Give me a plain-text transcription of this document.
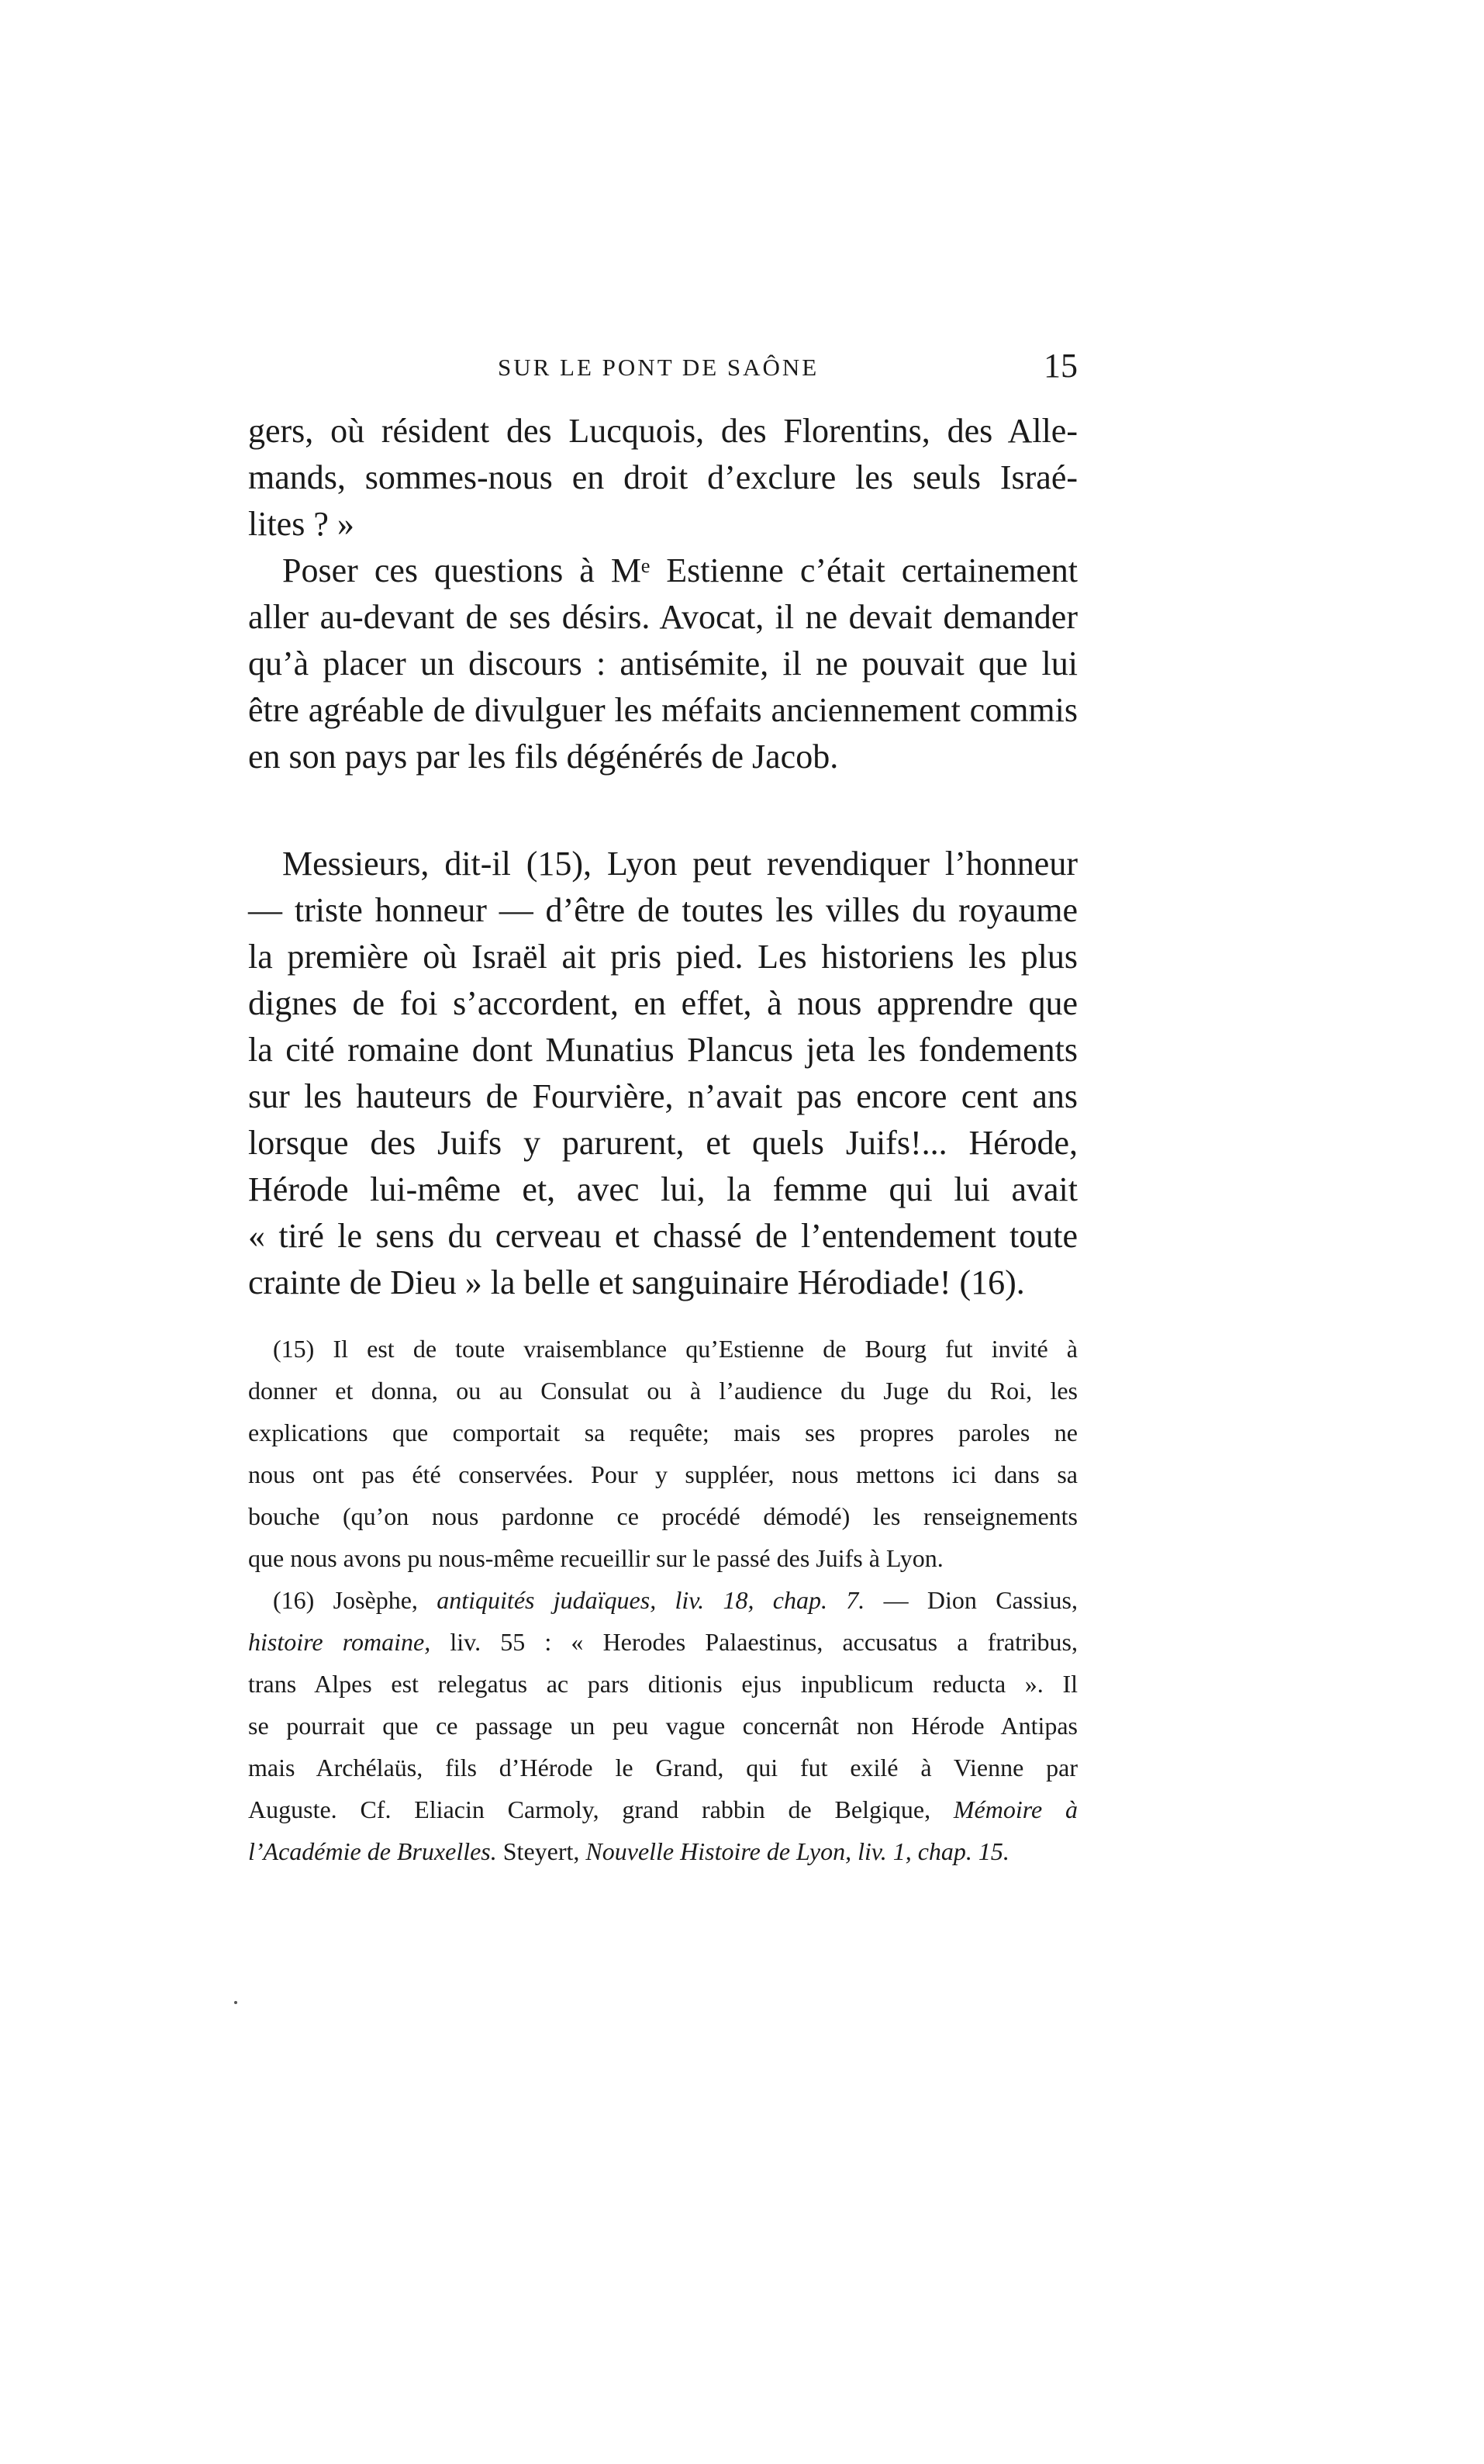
SUR LE PONT DE SAÔNE	15
gers, où résident des Lucquois, des Florentins, des Alle-
mands, sommes-nous en droit d’exclure les seuls Israé-
lites ? »
Poser ces questions à Mᵉ Estienne c’était certainement
aller au-devant de ses désirs. Avocat, il ne devait demander
qu’à placer un discours : antisémite, il ne pouvait que lui
être agréable de divulguer les méfaits anciennement commis
en son pays par les fils dégénérés de Jacob.
Messieurs, dit-il (15), Lyon peut revendiquer l’honneur
— triste honneur — d’être de toutes les villes du royaume
la première où Israël ait pris pied. Les historiens les plus
dignes de foi s’accordent, en effet, à nous apprendre que
la cité romaine dont Munatius Plancus jeta les fondements
sur les hauteurs de Fourvière, n’avait pas encore cent ans
lorsque des Juifs y parurent, et quels Juifs!... Hérode,
Hérode lui-même et, avec lui, la femme qui lui avait
« tiré le sens du cerveau et chassé de l’entendement toute
crainte de Dieu » la belle et sanguinaire Hérodiade! (16).
(15) Il est de toute vraisemblance qu’Estienne de Bourg fut invité à
donner et donna, ou au Consulat ou à l’audience du Juge du Roi, les
explications que comportait sa requête; mais ses propres paroles ne
nous ont pas été conservées. Pour y suppléer, nous mettons ici dans sa
bouche (qu’on nous pardonne ce procédé démodé) les renseignements
que nous avons pu nous-même recueillir sur le passé des Juifs à Lyon.
(16) Josèphe, antiquités judaïques, liv. 18, chap. 7. — Dion Cassius,
histoire romaine, liv. 55 : « Herodes Palaestinus, accusatus a fratribus,
trans Alpes est relegatus ac pars ditionis ejus inpublicum reducta ». Il
se pourrait que ce passage un peu vague concernât non Hérode Antipas
mais Archélaüs, fils d’Hérode le Grand, qui fut exilé à Vienne par
Auguste. Cf. Eliacin Carmoly, grand rabbin de Belgique, Mémoire à
l’Académie de Bruxelles. Steyert, Nouvelle Histoire de Lyon, liv. 1, chap. 15.
